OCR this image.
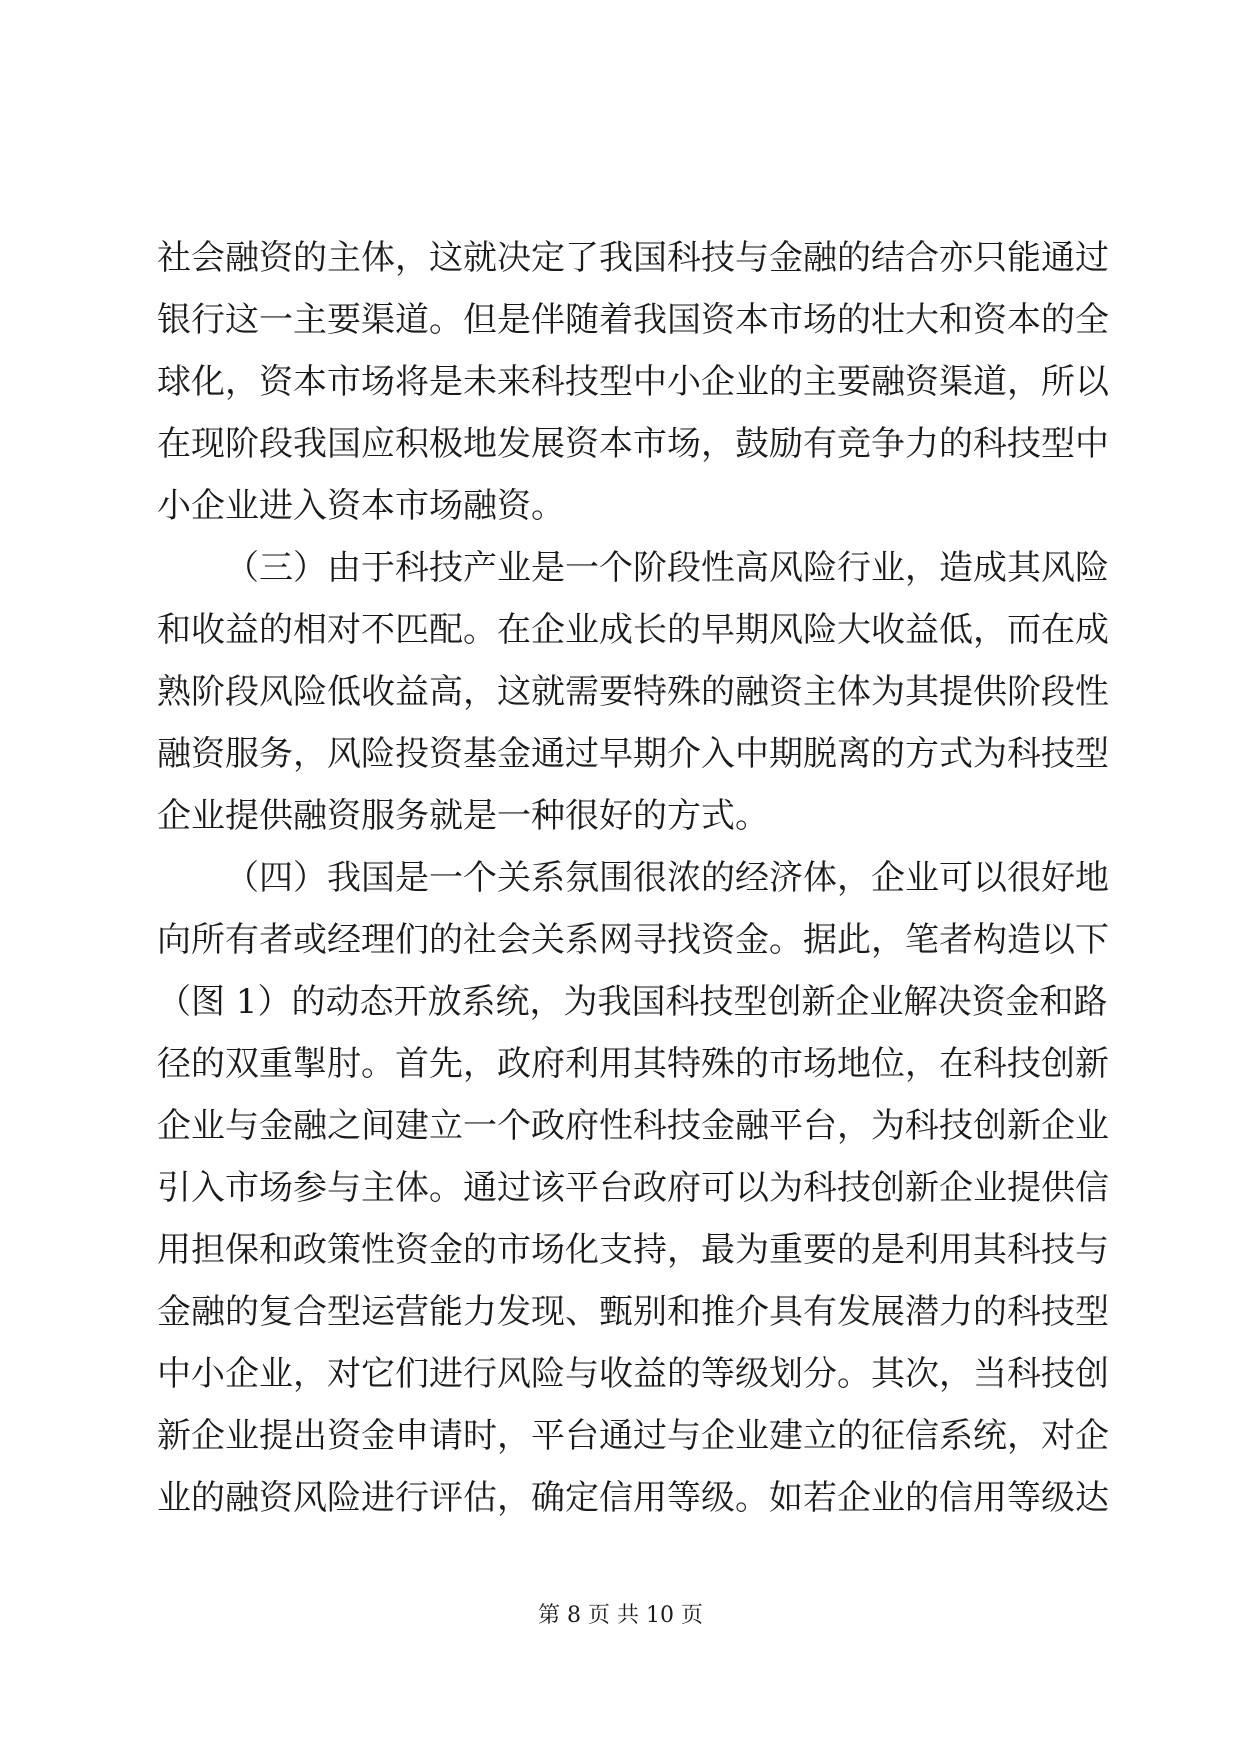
社会融资的主体，这就决定了我国科技与金融的结合亦只能通过
银行这一主要渠道。但是伴随着我国资本市场的壮大和资本的全
球化，资本市场将是未来科技型中小企业的主要融资渠道，所以
在现阶段我国应积极地发展资本市场，鼓励有竞争力的科技型中
小企业进入资本市场融资。
（三）由于科技产业是一个阶段性高风险行业，造成其风险
和收益的相对不匹配。在企业成长的早期风险大收益低，而在成
熟阶段风险低收益高，这就需要特殊的融资主体为其提供阶段性
融资服务，风险投资基金通过早期介入中期脱离的方式为科技型
企业提供融资服务就是一种很好的方式。
（四）我国是一个关系氛围很浓的经济体，企业可以很好地
向所有者或经理们的社会关系网寻找资金。据此，笔者构造以下
（图 1）的动态开放系统，为我国科技型创新企业解决资金和路
径的双重掣肘。首先，政府利用其特殊的市场地位，在科技创新
企业与金融之间建立一个政府性科技金融平台，为科技创新企业
引入市场参与主体。通过该平台政府可以为科技创新企业提供信
用担保和政策性资金的市场化支持，最为重要的是利用其科技与
金融的复合型运营能力发现、甄别和推介具有发展潜力的科技型
中小企业，对它们进行风险与收益的等级划分。其次，当科技创
新企业提出资金申请时，平台通过与企业建立的征信系统，对企
业的融资风险进行评估，确定信用等级。如若企业的信用等级达
第 8 页 共 10 页
